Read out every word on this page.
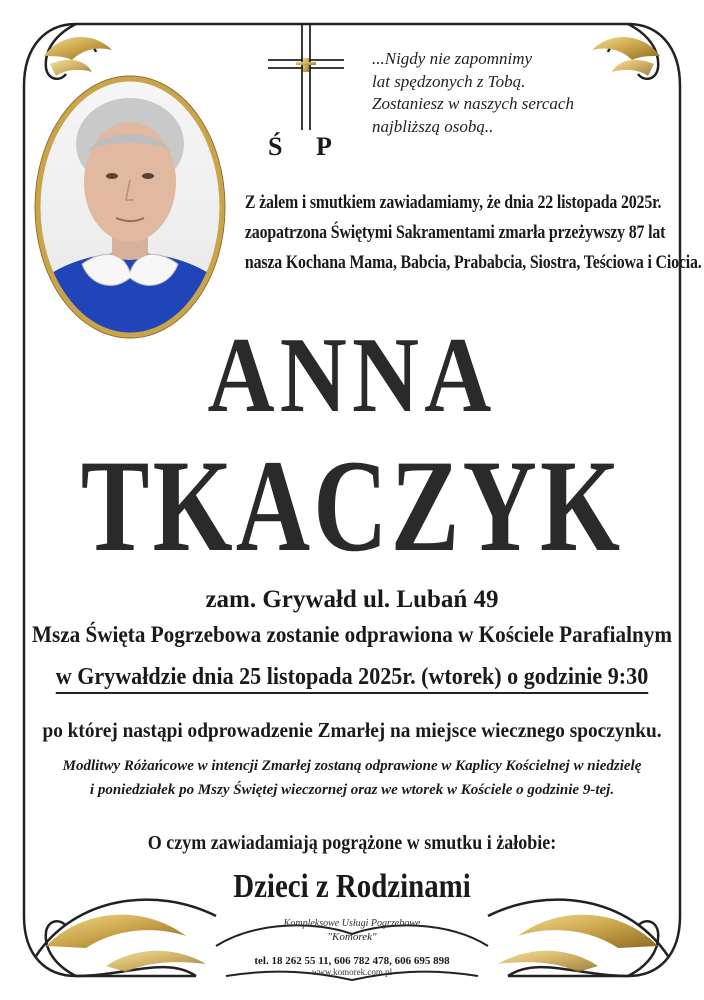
Ś P
...Nigdy nie zapomnimy
lat spędzonych z Tobą.
Zostaniesz w naszych sercach
najbliższą osobą..
Z żalem i smutkiem zawiadamiamy, że dnia 22 listopada 2025r.
zaopatrzona Świętymi Sakramentami zmarła przeżywszy 87 lat
nasza Kochana Mama, Babcia, Prababcia, Siostra, Teściowa i Ciocia.
ANNA
TKACZYK
zam. Grywałd ul. Lubań 49
Msza Święta Pogrzebowa zostanie odprawiona w Kościele Parafialnym
w Grywałdzie dnia 25 listopada 2025r. (wtorek) o godzinie 9:30
po której nastąpi odprowadzenie Zmarłej na miejsce wiecznego spoczynku.
Modlitwy Różańcowe w intencji Zmarłej zostaną odprawione w Kaplicy Kościelnej w niedzielę
i poniedziałek po Mszy Świętej wieczornej oraz we wtorek w Kościele o godzinie 9-tej.
O czym zawiadamiają pogrążone w smutku i żałobie:
Dzieci z Rodzinami
Kompleksowe Usługi Pogrzebowe
"Komorek"
tel. 18 262 55 11, 606 782 478, 606 695 898
www.komorek.com.pl
